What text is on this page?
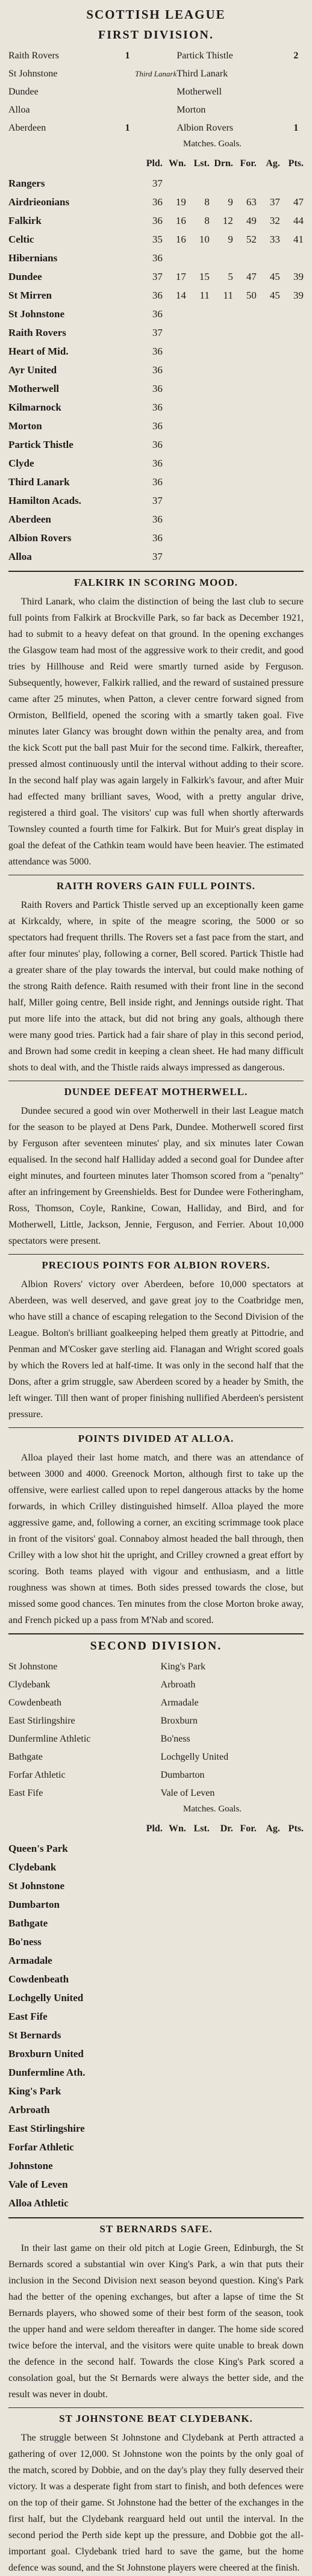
SCOTTISH LEAGUE
FIRST DIVISION.
Raith Rovers	1		Partick Thistle	2
St Johnstone		Third Lanark	Third Lanark	
Dundee			Motherwell	
Alloa			Morton	
Aberdeen	1		Albion Rovers	1
Matches. Goals.
	Pld.	Wn.	Lst.	Drn.	For.	Ag.	Pts.
Rangers	37						
Airdrieonians	36	19	8	9	63	37	47
Falkirk	36	16	8	12	49	32	44
Celtic	35	16	10	9	52	33	41
Hibernians	36						
Dundee	37	17	15	5	47	45	39
St Mirren	36	14	11	11	50	45	39
St Johnstone	36						
Raith Rovers	37						
Heart of Mid.	36						
Ayr United	36						
Motherwell	36						
Kilmarnock	36						
Morton	36						
Partick Thistle	36						
Clyde	36						
Third Lanark	36						
Hamilton Acads.	37						
Aberdeen	36						
Albion Rovers	36						
Alloa	37						
FALKIRK IN SCORING MOOD.

Third Lanark, who claim the distinction of being the last club to secure full points from Falkirk at Brockville Park, so far back as December 1921, had to submit to a heavy defeat on that ground. In the opening exchanges the Glasgow team had most of the aggressive work to their credit, and good tries by Hillhouse and Reid were smartly turned aside by Ferguson. Subsequently, however, Falkirk rallied, and the reward of sustained pressure came after 25 minutes, when Patton, a clever centre forward signed from Ormiston, Bellfield, opened the scoring with a smartly taken goal. Five minutes later Glancy was brought down within the penalty area, and from the kick Scott put the ball past Muir for the second time. Falkirk, thereafter, pressed almost continuously until the interval without adding to their score. In the second half play was again largely in Falkirk's favour, and after Muir had effected many brilliant saves, Wood, with a pretty angular drive, registered a third goal. The visitors' cup was full when shortly afterwards Townsley counted a fourth time for Falkirk. But for Muir's great display in goal the defeat of the Cathkin team would have been heavier. The estimated attendance was 5000.

RAITH ROVERS GAIN FULL POINTS.

Raith Rovers and Partick Thistle served up an exceptionally keen game at Kirkcaldy, where, in spite of the meagre scoring, the 5000 or so spectators had frequent thrills. The Rovers set a fast pace from the start, and after four minutes' play, following a corner, Bell scored. Partick Thistle had a greater share of the play towards the interval, but could make nothing of the strong Raith defence. Raith resumed with their front line in the second half, Miller going centre, Bell inside right, and Jennings outside right. That put more life into the attack, but did not bring any goals, although there were many good tries. Partick had a fair share of play in this second period, and Brown had some credit in keeping a clean sheet. He had many difficult shots to deal with, and the Thistle raids always impressed as dangerous.

DUNDEE DEFEAT MOTHERWELL.

Dundee secured a good win over Motherwell in their last League match for the season to be played at Dens Park, Dundee. Motherwell scored first by Ferguson after seventeen minutes' play, and six minutes later Cowan equalised. In the second half Halliday added a second goal for Dundee after eight minutes, and fourteen minutes later Thomson scored from a "penalty" after an infringement by Greenshields. Best for Dundee were Fotheringham, Ross, Thomson, Coyle, Rankine, Cowan, Halliday, and Bird, and for Motherwell, Little, Jackson, Jennie, Ferguson, and Ferrier. About 10,000 spectators were present.

PRECIOUS POINTS FOR ALBION ROVERS.

Albion Rovers' victory over Aberdeen, before 10,000 spectators at Aberdeen, was well deserved, and gave great joy to the Coatbridge men, who have still a chance of escaping relegation to the Second Division of the League. Bolton's brilliant goalkeeping helped them greatly at Pittodrie, and Penman and M'Cosker gave sterling aid. Flanagan and Wright scored goals by which the Rovers led at half-time. It was only in the second half that the Dons, after a grim struggle, saw Aberdeen scored by a header by Smith, the left winger. Till then want of proper finishing nullified Aberdeen's persistent pressure.

POINTS DIVIDED AT ALLOA.

Alloa played their last home match, and there was an attendance of between 3000 and 4000. Greenock Morton, although first to take up the offensive, were earliest called upon to repel dangerous attacks by the home forwards, in which Crilley distinguished himself. Alloa played the more aggressive game, and, following a corner, an exciting scrimmage took place in front of the visitors' goal. Connaboy almost headed the ball through, then Crilley with a low shot hit the upright, and Crilley crowned a great effort by scoring. Both teams played with vigour and enthusiasm, and a little roughness was shown at times. Both sides pressed towards the close, but missed some good chances. Ten minutes from the close Morton broke away, and French picked up a pass from M'Nab and scored.

SECOND DIVISION.
St Johnstone			King's Park	
Clydebank			Arbroath	
Cowdenbeath			Armadale	
East Stirlingshire			Broxburn	
Dunfermline Athletic			Bo'ness	
Bathgate			Lochgelly United	
Forfar Athletic			Dumbarton	
East Fife			Vale of Leven	
Matches. Goals.
	Pld.	Wn.	Lst.	Dr.	For.	Ag.	Pts.
Queen's Park							
Clydebank							
St Johnstone							
Dumbarton							
Bathgate							
Bo'ness							
Armadale							
Cowdenbeath							
Lochgelly United							
East Fife							
St Bernards							
Broxburn United							
Dunfermline Ath.							
King's Park							
Arbroath							
East Stirlingshire							
Forfar Athletic							
Johnstone							
Vale of Leven							
Alloa Athletic							
ST BERNARDS SAFE.

In their last game on their old pitch at Logie Green, Edinburgh, the St Bernards scored a substantial win over King's Park, a win that puts their inclusion in the Second Division next season beyond question. King's Park had the better of the opening exchanges, but after a lapse of time the St Bernards players, who showed some of their best form of the season, took the upper hand and were seldom thereafter in danger. The home side scored twice before the interval, and the visitors were quite unable to break down the defence in the second half. Towards the close King's Park scored a consolation goal, but the St Bernards were always the better side, and the result was never in doubt.

ST JOHNSTONE BEAT CLYDEBANK.

The struggle between St Johnstone and Clydebank at Perth attracted a gathering of over 12,000. St Johnstone won the points by the only goal of the match, scored by Dobbie, and on the day's play they fully deserved their victory. It was a desperate fight from start to finish, and both defences were on the top of their game. St Johnstone had the better of the exchanges in the first half, but the Clydebank rearguard held out until the interval. In the second period the Perth side kept up the pressure, and Dobbie got the all-important goal. Clydebank tried hard to save the game, but the home defence was sound, and the St Johnstone players were cheered at the finish.
